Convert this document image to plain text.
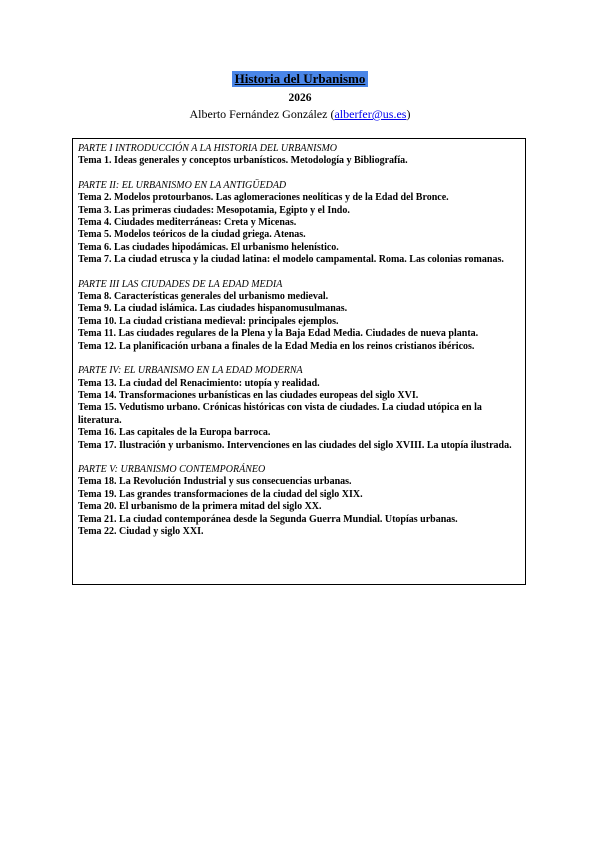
Historia del Urbanismo
2026
Alberto Fernández González (alberfer@us.es)

PARTE I INTRODUCCIÓN A LA HISTORIA DEL URBANISMO

Tema 1. Ideas generales y conceptos urbanísticos. Metodología y Bibliografía.

PARTE II: EL URBANISMO EN LA ANTIGÜEDAD

Tema 2. Modelos protourbanos. Las aglomeraciones neolíticas y de la Edad del Bronce.

Tema 3. Las primeras ciudades: Mesopotamia, Egipto y el Indo.

Tema 4. Ciudades mediterráneas: Creta y Micenas.

Tema 5. Modelos teóricos de la ciudad griega. Atenas.

Tema 6. Las ciudades hipodámicas. El urbanismo helenístico.

Tema 7. La ciudad etrusca y la ciudad latina: el modelo campamental. Roma. Las colonias romanas.

PARTE III LAS CIUDADES DE LA EDAD MEDIA

Tema 8. Características generales del urbanismo medieval.

Tema 9. La ciudad islámica. Las ciudades hispanomusulmanas.

Tema 10. La ciudad cristiana medieval: principales ejemplos.

Tema 11. Las ciudades regulares de la Plena y la Baja Edad Media. Ciudades de nueva planta.

Tema 12. La planificación urbana a finales de la Edad Media en los reinos cristianos ibéricos.

PARTE IV: EL URBANISMO EN LA EDAD MODERNA

Tema 13. La ciudad del Renacimiento: utopía y realidad.

Tema 14. Transformaciones urbanísticas en las ciudades europeas del siglo XVI.

Tema 15. Vedutismo urbano. Crónicas históricas con vista de ciudades. La ciudad utópica en la literatura.

Tema 16. Las capitales de la Europa barroca.

Tema 17. Ilustración y urbanismo. Intervenciones en las ciudades del siglo XVIII. La utopía ilustrada.

PARTE V: URBANISMO CONTEMPORÁNEO

Tema 18. La Revolución Industrial y sus consecuencias urbanas.

Tema 19. Las grandes transformaciones de la ciudad del siglo XIX.

Tema 20. El urbanismo de la primera mitad del siglo XX.

Tema 21. La ciudad contemporánea desde la Segunda Guerra Mundial. Utopías urbanas.

Tema 22. Ciudad y siglo XXI.
